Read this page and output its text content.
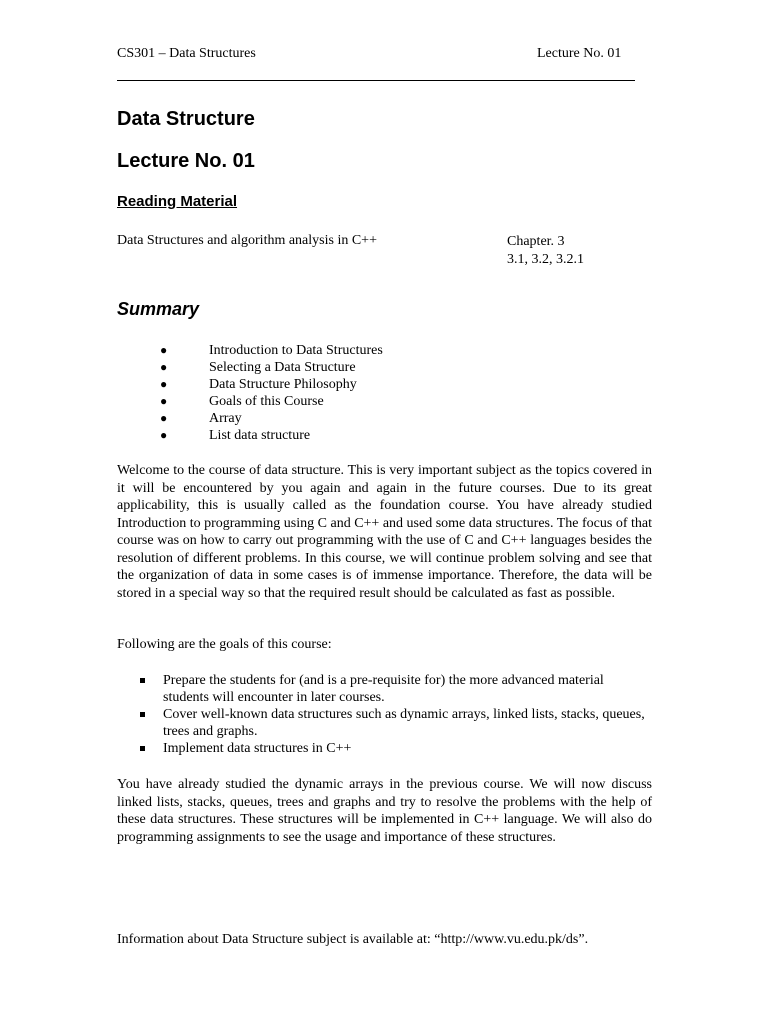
CS301 – Data Structures	Lecture No. 01
Data Structure
Lecture No. 01
Reading Material
Data Structures and algorithm analysis in C++	Chapter. 3
3.1, 3.2, 3.2.1
Summary
●	Introduction to Data Structures
●	Selecting a Data Structure
●	Data Structure Philosophy
●	Goals of this Course
●	Array
●	List data structure

Welcome to the course of data structure. This is very important subject as the topics covered in it will be encountered by you again and again in the future courses. Due to its great applicability, this is usually called as the foundation course. You have already studied Introduction to programming using C and C++ and used some data structures. The focus of that course was on how to carry out programming with the use of C and C++ languages besides the resolution of different problems. In this course, we will continue problem solving and see that the organization of data in some cases is of immense importance. Therefore, the data will be stored in a special way so that the required result should be calculated as fast as possible.

Following are the goals of this course:

Prepare the students for (and is a pre-requisite for) the more advanced material students will encounter in later courses.
Cover well-known data structures such as dynamic arrays, linked lists, stacks, queues, trees and graphs.
Implement data structures in C++

You have already studied the dynamic arrays in the previous course. We will now discuss linked lists, stacks, queues, trees and graphs and try to resolve the problems with the help of these data structures. These structures will be implemented in C++ language. We will also do programming assignments to see the usage and importance of these structures.

Information about Data Structure subject is available at: “http://www.vu.edu.pk/ds”.
